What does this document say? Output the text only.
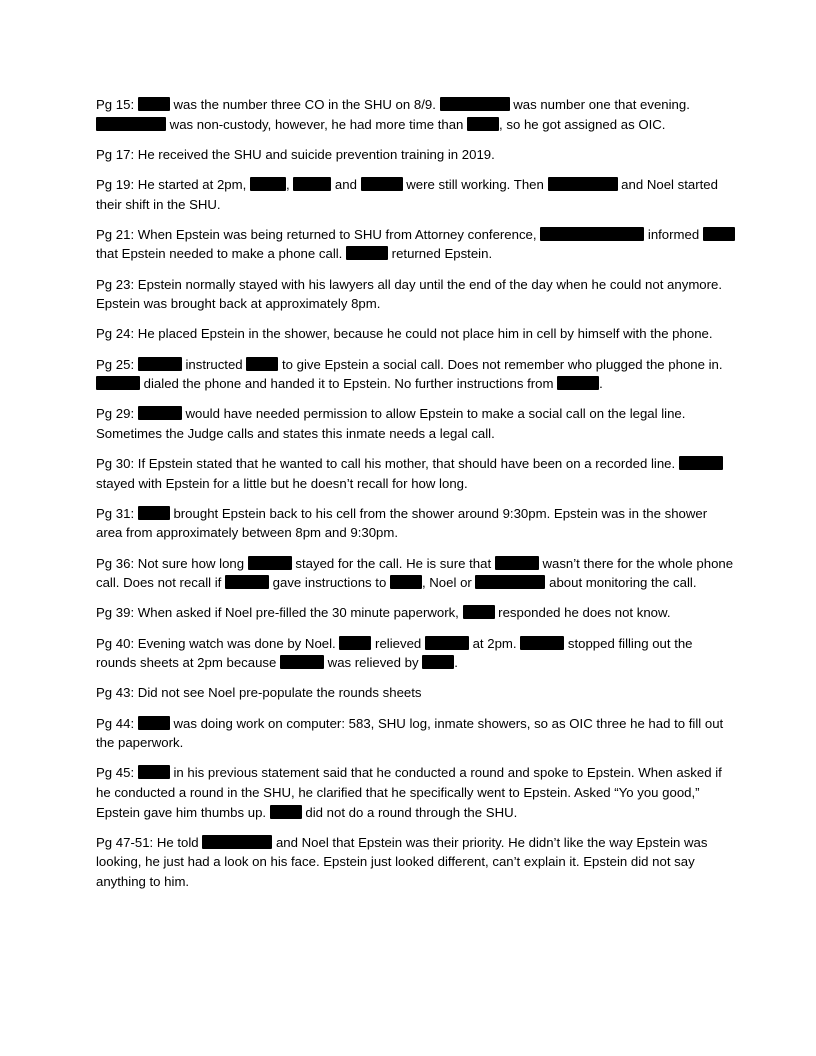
Pg 15:  was the number three CO in the SHU on 8/9.	was number one that evening.  was non-custody, however, he had more time than , so he got assigned as OIC.

Pg 17: He received the SHU and suicide prevention training in 2019.

Pg 19: He started at 2pm,	,	and	were still working. Then	and Noel started their shift in the SHU.

Pg 21: When Epstein was being returned to SHU from Attorney conference,	informed  that Epstein needed to make a phone call.	returned Epstein.

Pg 23: Epstein normally stayed with his lawyers all day until the end of the day when he could not anymore. Epstein was brought back at approximately 8pm.

Pg 24: He placed Epstein in the shower, because he could not place him in cell by himself with the phone.

Pg 25:	instructed  to give Epstein a social call. Does not remember who plugged the phone in.  dialed the phone and handed it to Epstein. No further instructions from	.

Pg 29:	would have needed permission to allow Epstein to make a social call on the legal line. Sometimes the Judge calls and states this inmate needs a legal call.

Pg 30: If Epstein stated that he wanted to call his mother, that should have been on a recorded line.  stayed with Epstein for a little but he doesn’t recall for how long.

Pg 31:  brought Epstein back to his cell from the shower around 9:30pm. Epstein was in the shower area from approximately between 8pm and 9:30pm.

Pg 36: Not sure how long	stayed for the call. He is sure that	wasn’t there for the whole phone call. Does not recall if	gave instructions to , Noel or	about monitoring the call.

Pg 39: When asked if Noel pre-filled the 30 minute paperwork,  responded he does not know.

Pg 40: Evening watch was done by Noel.  relieved	at 2pm.	stopped filling out the rounds sheets at 2pm because	was relieved by .

Pg 43: Did not see Noel pre-populate the rounds sheets

Pg 44:  was doing work on computer: 583, SHU log, inmate showers, so as OIC three he had to fill out the paperwork.

Pg 45:  in his previous statement said that he conducted a round and spoke to Epstein. When asked if he conducted a round in the SHU, he clarified that he specifically went to Epstein. Asked “Yo you good,” Epstein gave him thumbs up.  did not do a round through the SHU.

Pg 47-51: He told	and Noel that Epstein was their priority. He didn’t like the way Epstein was looking, he just had a look on his face. Epstein just looked different, can’t explain it. Epstein did not say anything to him.
